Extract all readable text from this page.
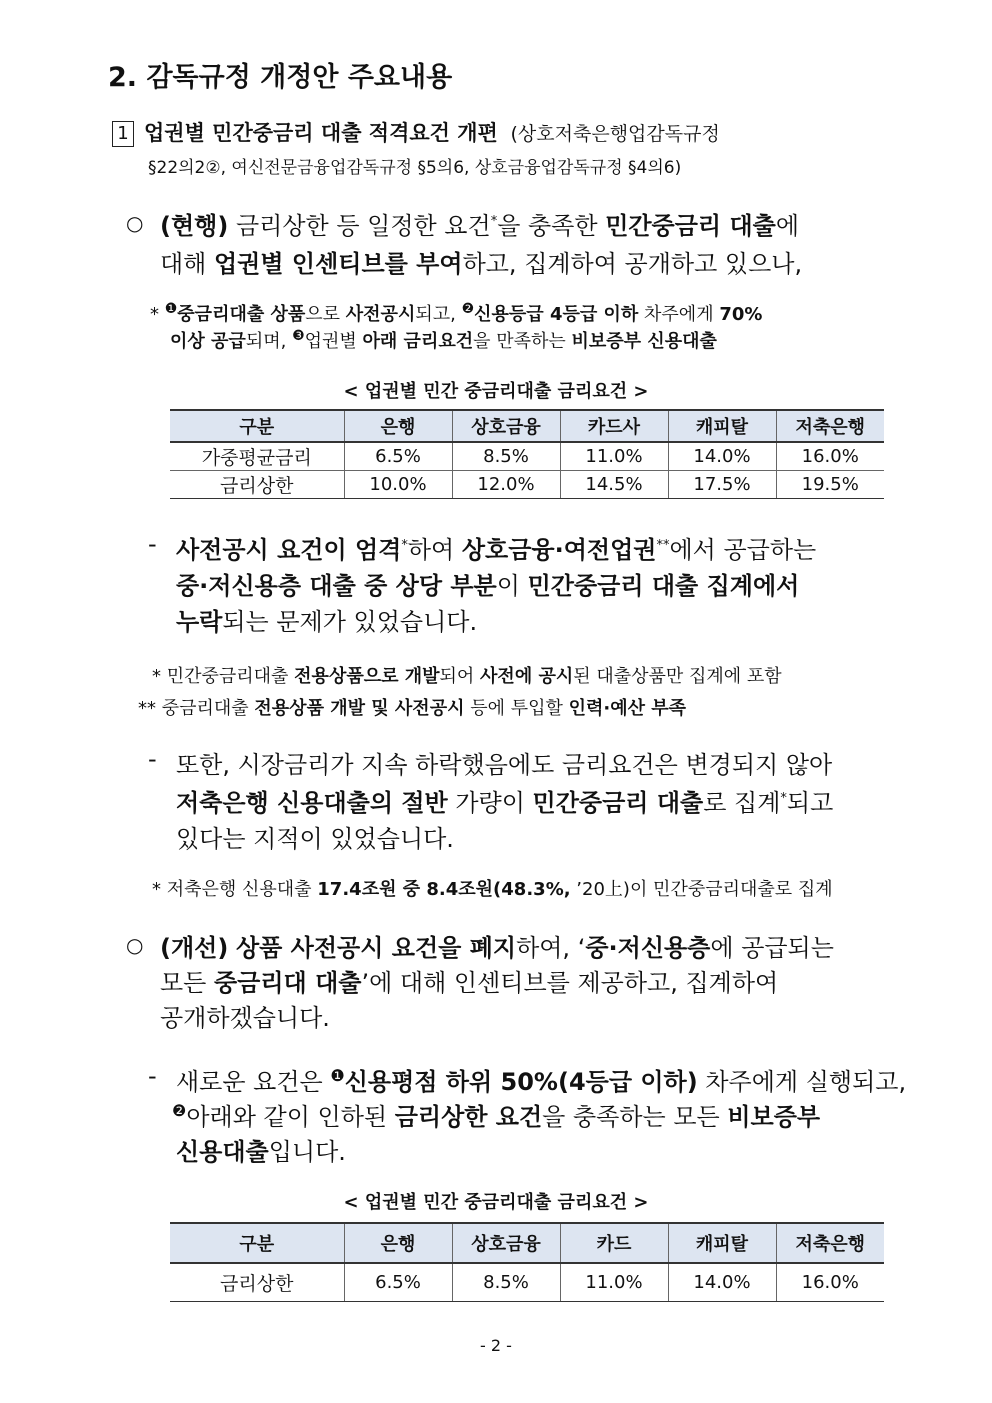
2. 감독규정 개정안 주요내용
1 업권별 민간중금리 대출 적격요건 개편 (상호저축은행업감독규정
§22의2②, 여신전문금융업감독규정 §5의6, 상호금융업감독규정 §4의6)
○ (현행) 금리상한 등 일정한 요건*을 충족한 민간중금리 대출에
대해 업권별 인센티브를 부여하고, 집계하여 공개하고 있으나,
* $^❶$중금리대출 상품으로 사전공시되고, $^❷$신용등급 4등급 이하 차주에게 70%
이상 공급되며, $^❸$업권별 아래 금리요건을 만족하는 비보증부 신용대출
< 업권별 민간 중금리대출 금리요건 >
구분	은행	상호금융	카드사	캐피탈	저축은행
가중평균금리	6.5%	8.5%	11.0%	14.0%	16.0%
금리상한	10.0%	12.0%	14.5%	17.5%	19.5%
- 사전공시 요건이 엄격*하여 상호금융·여전업권**에서 공급하는
중·저신용층 대출 중 상당 부분이 민간중금리 대출 집계에서
누락되는 문제가 있었습니다.
* 민간중금리대출 전용상품으로 개발되어 사전에 공시된 대출상품만 집계에 포함
** 중금리대출 전용상품 개발 및 사전공시 등에 투입할 인력·예산 부족
- 또한, 시장금리가 지속 하락했음에도 금리요건은 변경되지 않아
저축은행 신용대출의 절반 가량이 민간중금리 대출로 집계*되고
있다는 지적이 있었습니다.
* 저축은행 신용대출 17.4조원 중 8.4조원(48.3%, ’20上)이 민간중금리대출로 집계
○ (개선) 상품 사전공시 요건을 폐지하여, ‘중·저신용층에 공급되는
모든 중금리대 대출’에 대해 인센티브를 제공하고, 집계하여
공개하겠습니다.
- 새로운 요건은 $^❶$신용평점 하위 50%(4등급 이하) 차주에게 실행되고,
$^❷$아래와 같이 인하된 금리상한 요건을 충족하는 모든 비보증부
신용대출입니다.
< 업권별 민간 중금리대출 금리요건 >
구분	은행	상호금융	카드	캐피탈	저축은행
금리상한	6.5%	8.5%	11.0%	14.0%	16.0%
- 2 -
